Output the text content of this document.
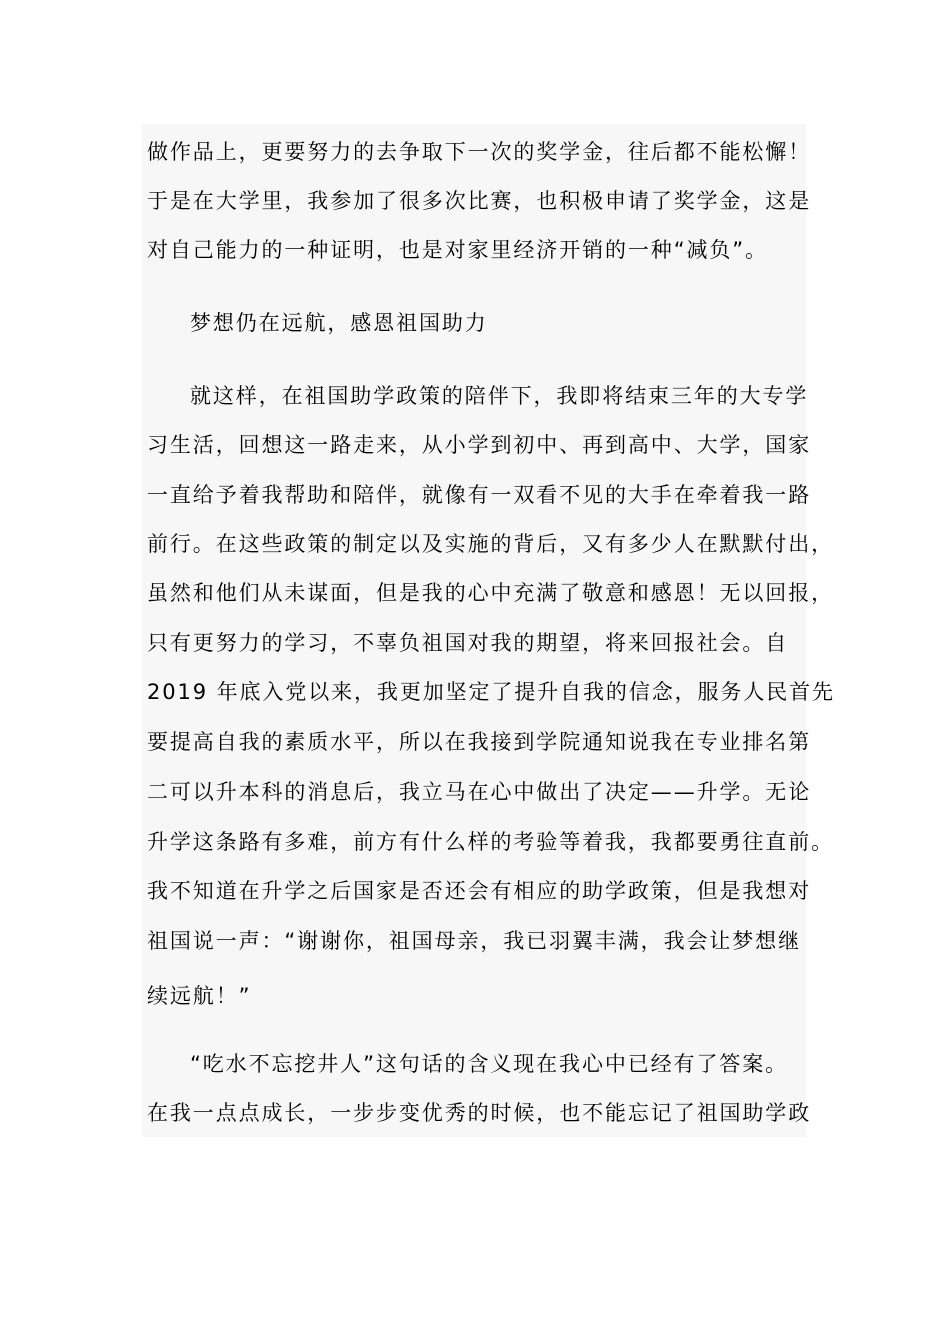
做作品上，更要努力的去争取下一次的奖学金，往后都不能松懈！
于是在大学里，我参加了很多次比赛，也积极申请了奖学金，这是
对自己能力的一种证明，也是对家里经济开销的一种“减负”。
梦想仍在远航，感恩祖国助力
就这样，在祖国助学政策的陪伴下，我即将结束三年的大专学
习生活，回想这一路走来，从小学到初中、再到高中、大学，国家
一直给予着我帮助和陪伴，就像有一双看不见的大手在牵着我一路
前行。在这些政策的制定以及实施的背后，又有多少人在默默付出，
虽然和他们从未谋面，但是我的心中充满了敬意和感恩！无以回报，
只有更努力的学习，不辜负祖国对我的期望，将来回报社会。自
2019 年底入党以来，我更加坚定了提升自我的信念，服务人民首先
要提高自我的素质水平，所以在我接到学院通知说我在专业排名第
二可以升本科的消息后，我立马在心中做出了决定——升学。无论
升学这条路有多难，前方有什么样的考验等着我，我都要勇往直前。
我不知道在升学之后国家是否还会有相应的助学政策，但是我想对
祖国说一声：“谢谢你，祖国母亲，我已羽翼丰满，我会让梦想继
续远航！”
“吃水不忘挖井人”这句话的含义现在我心中已经有了答案。
在我一点点成长，一步步变优秀的时候，也不能忘记了祖国助学政
